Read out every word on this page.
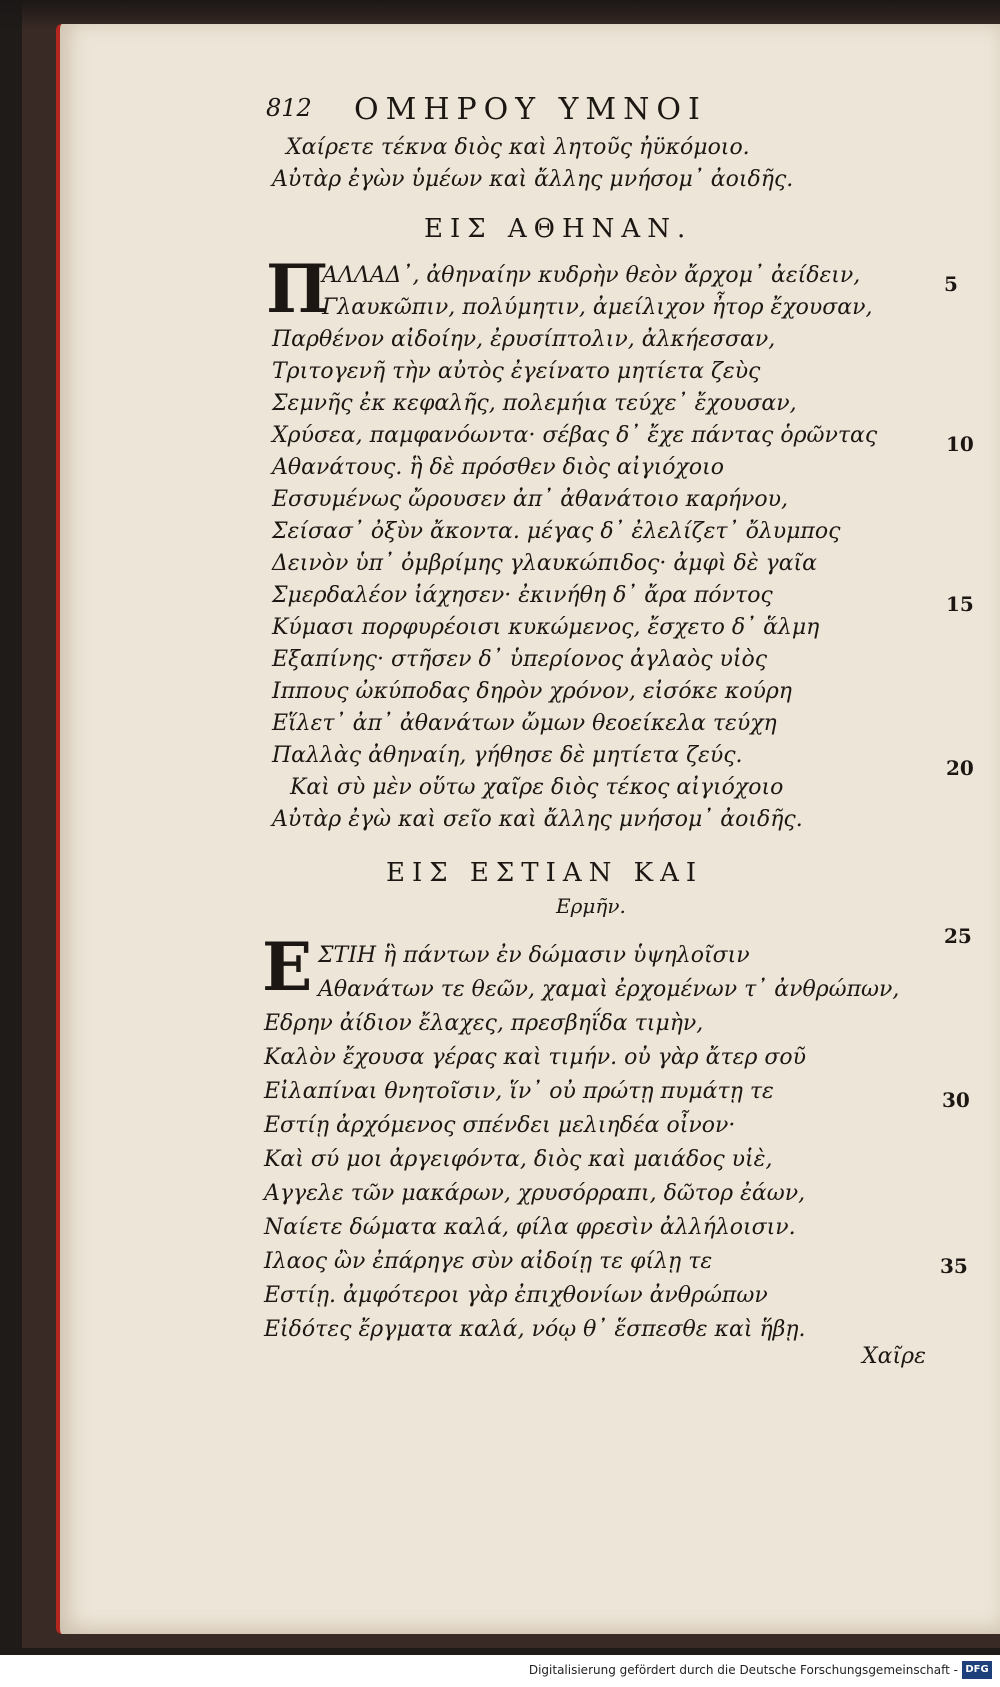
812 ΟΜΗΡΟΥ ΥΜΝΟΙ
Χαίρετε τέκνα διὸς καὶ λητοῦς ἠϋκόμοιο.
Αὐτὰρ ἐγὼν ὑμέων καὶ ἄλλης μνήσομ᾽ ἀοιδῆς.
ΕΙΣ ΑΘΗΝΑΝ.
Π
ΑΛΛΑΔ᾽, ἀθηναίην κυδρὴν θεὸν ἄρχομ᾽ ἀείδειν,
Γλαυκῶπιν, πολύμητιν, ἀμείλιχον ἦτορ ἔχουσαν,
Παρθένον αἰδοίην, ἐρυσίπτολιν, ἀλκήεσσαν,
Τριτογενῆ τὴν αὐτὸς ἐγείνατο μητίετα ζεὺς
Σεμνῆς ἐκ κεφαλῆς, πολεμήια τεύχε᾽ ἔχουσαν,
Χρύσεα, παμφανόωντα· σέβας δ᾽ ἔχε πάντας ὁρῶντας
Αθανάτους. ἣ δὲ πρόσθεν διὸς αἰγιόχοιο
Εσσυμένως ὤρουσεν ἀπ᾽ ἀθανάτοιο καρήνου,
Σείσασ᾽ ὀξὺν ἄκοντα. μέγας δ᾽ ἐλελίζετ᾽ ὄλυμπος
Δεινὸν ὑπ᾽ ὀμβρίμης γλαυκώπιδος· ἀμφὶ δὲ γαῖα
Σμερδαλέον ἰάχησεν· ἐκινήθη δ᾽ ἄρα πόντος
Κύμασι πορφυρέοισι κυκώμενος, ἔσχετο δ᾽ ἅλμη
Εξαπίνης· στῆσεν δ᾽ ὑπερίονος ἀγλαὸς υἱὸς
Ιππους ὠκύποδας δηρὸν χρόνον, εἰσόκε κούρη
Εἵλετ᾽ ἀπ᾽ ἀθανάτων ὤμων θεοείκελα τεύχη
Παλλὰς ἀθηναίη, γήθησε δὲ μητίετα ζεύς.
Καὶ σὺ μὲν οὕτω χαῖρε διὸς τέκος αἰγιόχοιο
Αὐτὰρ ἐγὼ καὶ σεῖο καὶ ἄλλης μνήσομ᾽ ἀοιδῆς.
ΕΙΣ ΕΣΤΙΑΝ ΚΑΙ
Ερμῆν.
Ε ΣΤΙΗ ἣ πάντων ἐν δώμασιν ὑψηλοῖσιν
Αθανάτων τε θεῶν, χαμαὶ ἐρχομένων τ᾽ ἀνθρώπων,
Εδρην ἀίδιον ἔλαχες, πρεσβηΐδα τιμὴν,
Καλὸν ἔχουσα γέρας καὶ τιμήν. οὐ γὰρ ἄτερ σοῦ
Εἰλαπίναι θνητοῖσιν, ἵν᾽ οὐ πρώτῃ πυμάτῃ τε
Εστίῃ ἀρχόμενος σπένδει μελιηδέα οἶνον·
Καὶ σύ μοι ἀργειφόντα, διὸς καὶ μαιάδος υἱὲ,
Αγγελε τῶν μακάρων, χρυσόρραπι, δῶτορ ἐάων,
Ναίετε δώματα καλά, φίλα φρεσὶν ἀλλήλοισιν.
Ιλαος ὢν ἐπάρηγε σὺν αἰδοίῃ τε φίλῃ τε
Εστίῃ. ἀμφότεροι γὰρ ἐπιχθονίων ἀνθρώπων
Εἰδότες ἔργματα καλά, νόῳ θ᾽ ἕσπεσθε καὶ ἥβῃ.
5
10
15
20
25
30
35
Χαῖρε
Digitalisierung gefördert durch die Deutsche Forschungsgemeinschaft - DFG
